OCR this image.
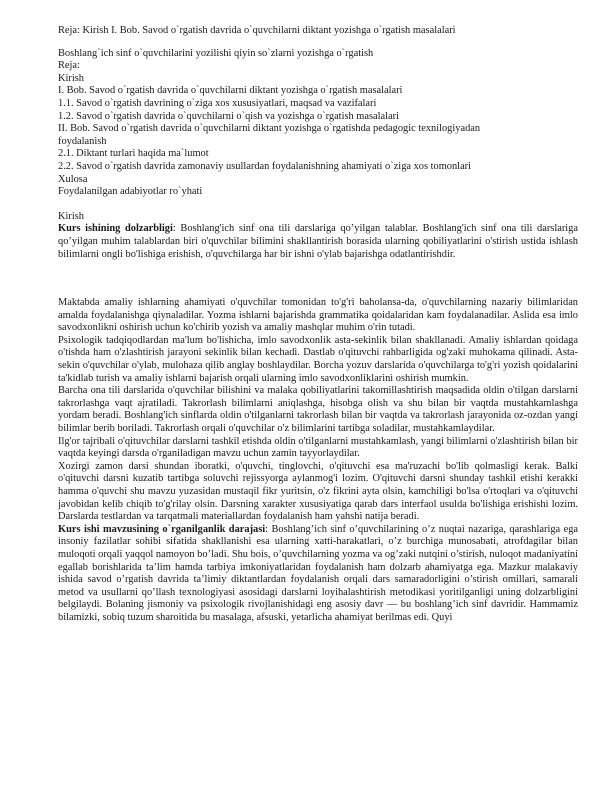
Reja: Kirish I. Bob. Savod o`rgatish davrida o`quvchilarni diktant yozishga o`rgatish masalalari

Boshlang`ich sinf o`quvchilarini yozilishi qiyin so`zlarni yozishga o`rgatish

Reja:

Kirish

I. Bob. Savod o`rgatish davrida o`quvchilarni diktant yozishga o`rgatish masalalari

1.1. Savod o`rgatish davrining o`ziga xos xususiyatlari, maqsad va vazifalari

1.2. Savod o`rgatish davrida o`quvchilarni o`qish va yozishga o`rgatish masalalari

II. Bob. Savod o`rgatish davrida o`quvchilarni diktant yozishga o`rgatishda pedagogic texnilogiyadan

foydalanish

2.1. Diktant turlari haqida ma`lumot

2.2. Savod o`rgatish davrida zamonaviy usullardan foydalanishning ahamiyati o`ziga xos tomonlari

Xulosa

Foydalanilgan adabiyotlar ro`yhati

Kirish

Kurs ishining dolzarbligi: Boshlang'ich sinf ona tili darslariga qo’yilgan talablar. Boshlang'ich sinf ona tili darslariga qo’yilgan muhim talablardan biri o'quvchilar bilimini shakllantirish borasida ularning qobiliyatlarini o'stirish ustida ishlash bilimlarni ongli bo'lishiga erishish, o'quvchilarga har bir ishni o'ylab bajarishga odatlantirishdir.

Maktabda amaliy ishlarning ahamiyati o'quvchilar tomonidan to'g'ri baholansa-da, o'quvchilarning nazariy bilimlaridan amalda foydalanishga qiynaladilar. Yozma ishlarni bajarishda grammatika qoidalaridan kam foydalanadilar. Aslida esa imlo savodxonlikni oshirish uchun ko'chirib yozish va amaliy mashqlar muhim o'rin tutadi.

Psixologik tadqiqodlardan ma'lum bo'lishicha, imlo savodxonlik asta-sekinlik bilan shakllanadi. Amaliy ishlardan qoidaga o'tishda ham o'zlashtirish jarayoni sekinlik bilan kechadi. Dastlab o'qituvchi rahbarligida og'zaki muhokama qilinadi. Asta-sekin o'quvchilar o'ylab, mulohaza qilib anglay boshlaydilar. Borcha yozuv darslarida o'quvchilarga to'g'ri yozish qoidalarini ta'kidlab turish va amaliy ishlarni bajarish orqali ularning imlo savodxonliklarini oshirish mumkin.

Barcha ona tili darslarida o'quvchilar bilishini va malaka qobiliyatlarini takomillashtirish maqsadida oldin o'tilgan darslarni takrorlashga vaqt ajratiladi. Takrorlash bilimlarni aniqlashga, hisobga olish va shu bilan bir vaqtda mustahkamlashga yordam beradi. Boshlang'ich sinflarda oldin o'tilganlarni takrorlash bilan bir vaqtda va takrorlash jarayonida oz-ozdan yangi bilimlar berib boriladi. Takrorlash orqali o'quvchilar o'z bilimlarini tartibga soladilar, mustahkamlaydilar.

Ilg'or tajribali o'qituvchilar darslarni tashkil etishda oldin o'tilganlarni mustahkamlash, yangi bilimlarni o'zlashtirish bilan bir vaqtda keyingi darsda o'rganiladigan mavzu uchun zamin tayyorlaydilar.

Xozirgi zamon darsi shundan iboratki, o'quvchi, tinglovchi, o'qituvchi esa ma'ruzachi bo'lib qolmasligi kerak. Balki o'qituvchi darsni kuzatib tartibga soluvchi rejissyorga aylanmog'i lozim. O'qituvchi darsni shunday tashkil etishi kerakki hamma o'quvchi shu mavzu yuzasidan mustaqil fikr yuritsin, o'z fikrini ayta olsin, kamchiligi bo'lsa o'rtoqlari va o'qituvchi javobidan kelib chiqib to'g'rilay olsin. Darsning xarakter xususiyatiga qarab dars interfaol usulda bo'lishiga erishishi lozim. Darslarda testlardan va tarqatmali materiallardan foydalanish ham yahshi natija beradi.

Kurs ishi mavzusining o`rganilganlik darajasi: Boshlang’ich sinf o’quvchilarining o’z nuqtai nazariga, qarashlariga ega insoniy fazilatlar sohibi sifatida shakllanishi esa ularning xatti-harakatlari, o’z burchiga munosabati, atrofdagilar bilan muloqoti orqali yaqqol namoyon bo’ladi. Shu bois, o’quvchilarning yozma va og’zaki nutqini o’stirish, nuloqot madaniyatini egallab borishlarida ta’lim hamda tarbiya imkoniyatlaridan foydalanish ham dolzarb ahamiyatga ega. Mazkur malakaviy ishida savod o’rgatish davrida ta’limiy diktantlardan foydalanish orqali dars samaradorligini o’stirish omillari, samarali metod va usullarni qo’llash texnologiyasi asosidagi darslarni loyihalashtirish metodikasi yoritilganligi uning dolzarbligini belgilaydi. Bolaning jismoniy va psixologik rivojlanishidagi eng asosiy davr — bu boshlang’ich sinf davridir. Hammamiz bilamizki, sobiq tuzum sharoitida bu masalaga, afsuski, yetarlicha ahamiyat berilmas edi. Quyi
